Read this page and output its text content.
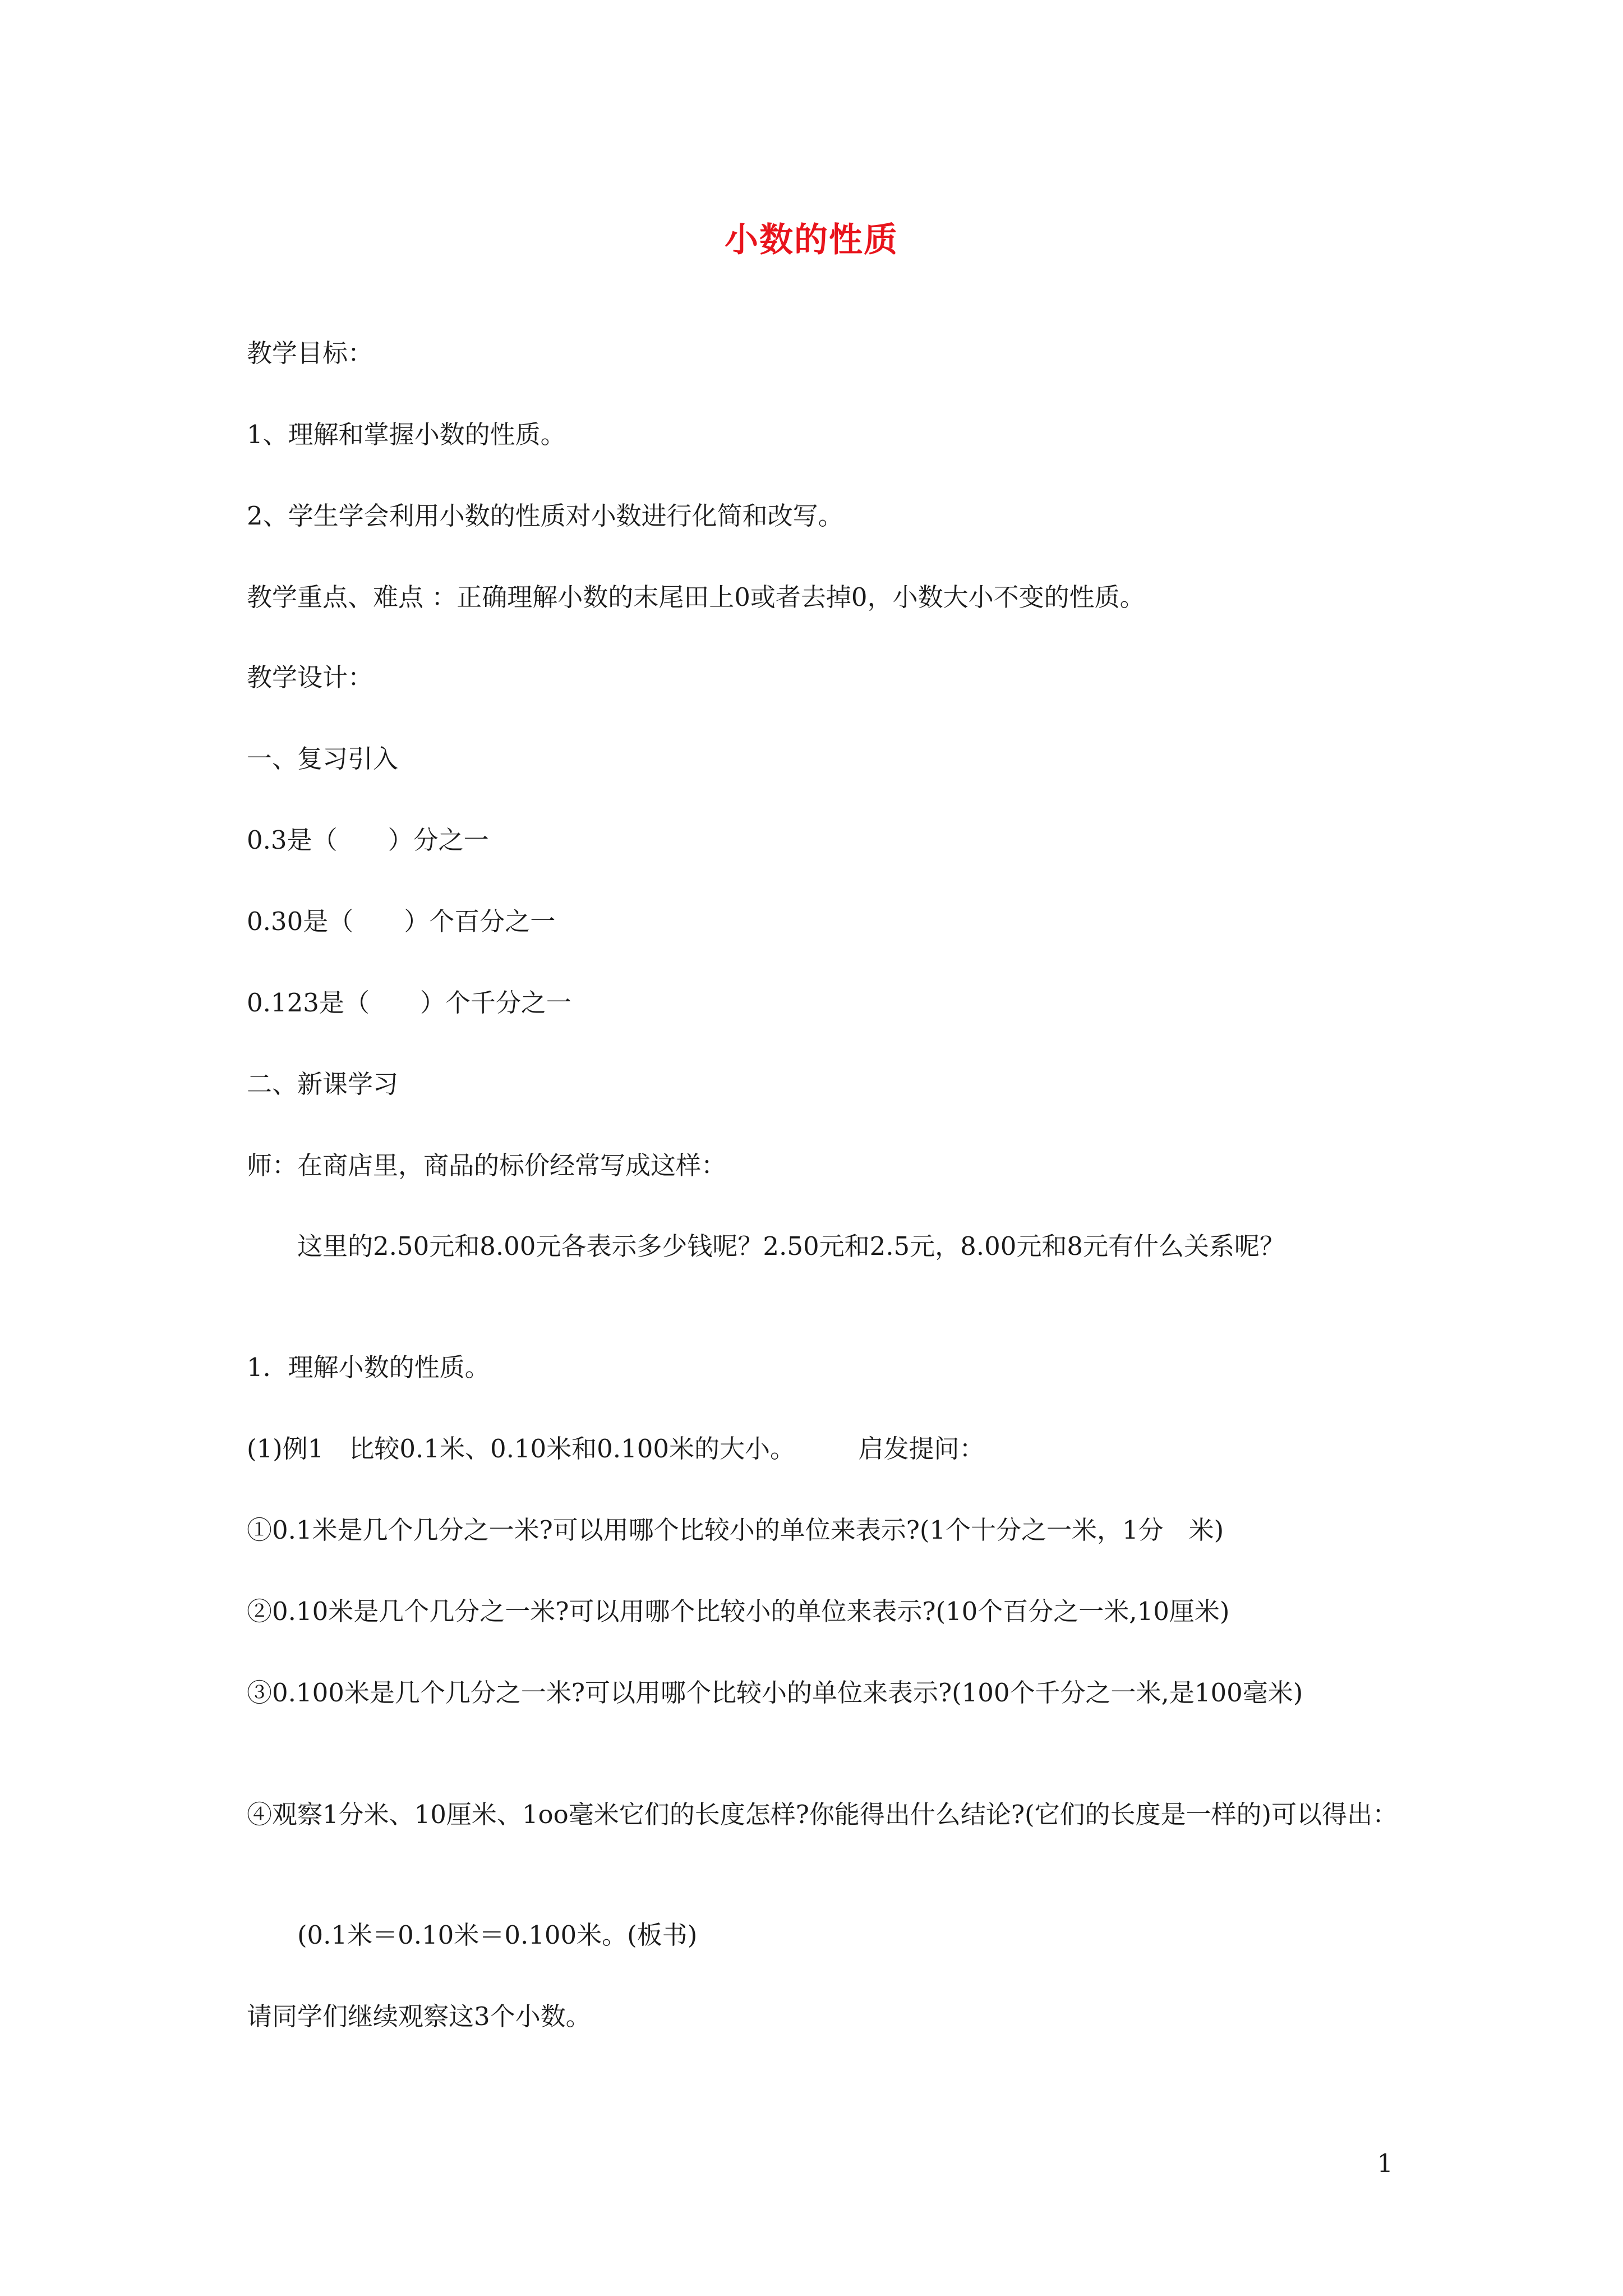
小数的性质
教学目标：
1、理解和掌握小数的性质。
2、学生学会利用小数的性质对小数进行化简和改写。
教学重点、难点 ：正确理解小数的末尾田上0或者去掉0，小数大小不变的性质。
教学设计：
一、复习引入
0.3是（　　）分之一
0.30是（　　）个百分之一
0.123是（　　）个千分之一
二、新课学习
师：在商店里，商品的标价经常写成这样：
　　这里的2.50元和8.00元各表示多少钱呢？2.50元和2.5元，8.00元和8元有什么关系呢？
1．理解小数的性质。
(1)例1　比较0.1米、0.10米和0.100米的大小。　　　启发提问：
①0.1米是几个几分之一米?可以用哪个比较小的单位来表示?(1个十分之一米，1分　米)
②0.10米是几个几分之一米?可以用哪个比较小的单位来表示?(10个百分之一米,10厘米)
③0.100米是几个几分之一米?可以用哪个比较小的单位来表示?(100个千分之一米,是100毫米)
④观察1分米、10厘米、1oo毫米它们的长度怎样?你能得出什么结论?(它们的长度是一样的)可以得出：
　　(0.1米＝0.10米＝0.100米。(板书)
请同学们继续观察这3个小数。
1
